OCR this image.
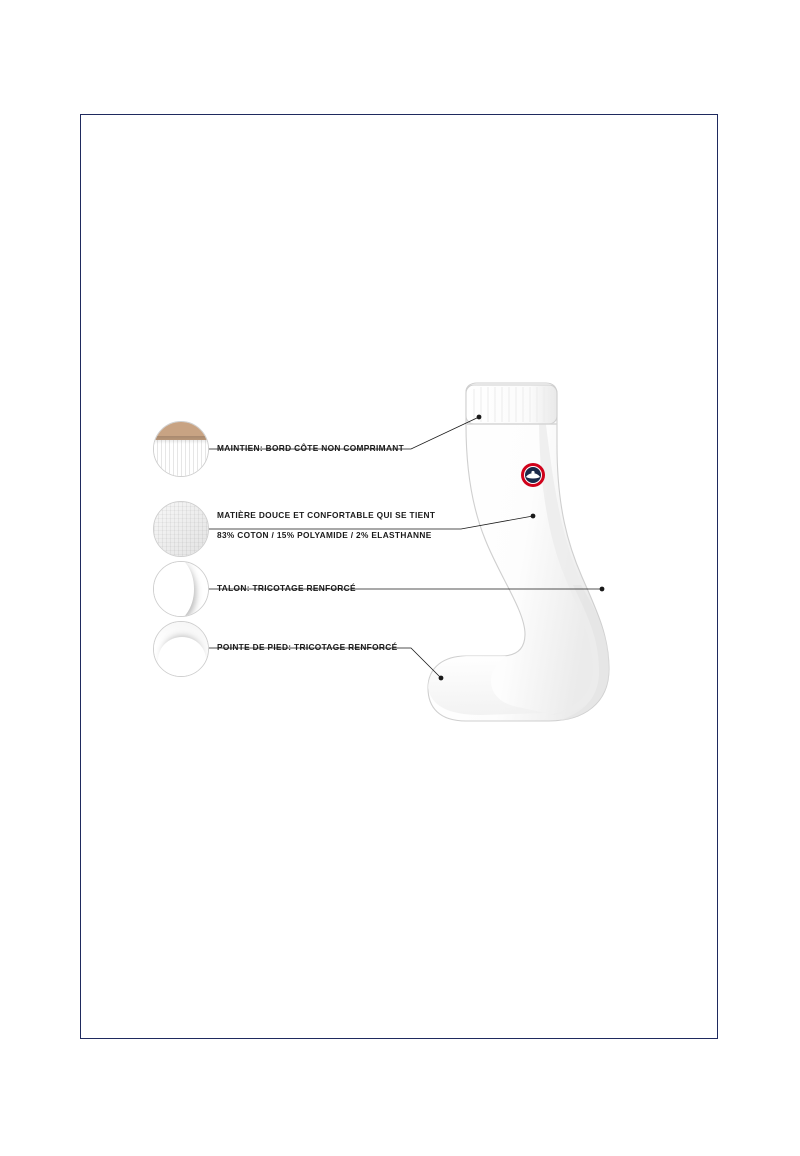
MAINTIEN: BORD CÔTE NON COMPRIMANT
MATIÈRE DOUCE ET CONFORTABLE QUI SE TIENT
83% COTON / 15% POLYAMIDE / 2% ELASTHANNE
TALON: TRICOTAGE RENFORCÉ
POINTE DE PIED: TRICOTAGE RENFORCÉ
